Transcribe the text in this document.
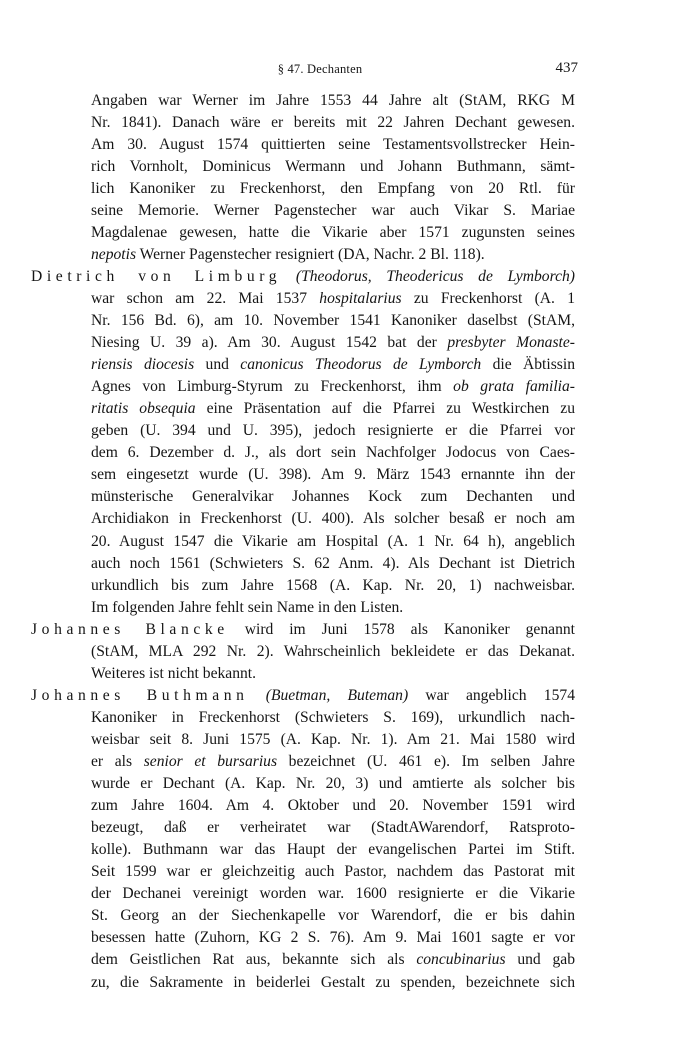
§ 47. Dechanten	437
Angaben war Werner im Jahre 1553 44 Jahre alt (StAM, RKG M
Nr. 1841). Danach wäre er bereits mit 22 Jahren Dechant gewesen.
Am 30. August 1574 quittierten seine Testamentsvollstrecker Hein-
rich Vornholt, Dominicus Wermann und Johann Buthmann, sämt-
lich Kanoniker zu Freckenhorst, den Empfang von 20 Rtl. für
seine Memorie. Werner Pagenstecher war auch Vikar S. Mariae
Magdalenae gewesen, hatte die Vikarie aber 1571 zugunsten seines
nepotis Werner Pagenstecher resigniert (DA, Nachr. 2 Bl. 118).
Dietrich von Limburg (Theodorus, Theodericus de Lymborch)
war schon am 22. Mai 1537 hospitalarius zu Freckenhorst (A. 1
Nr. 156 Bd. 6), am 10. November 1541 Kanoniker daselbst (StAM,
Niesing U. 39 a). Am 30. August 1542 bat der presbyter Monaste-
riensis diocesis und canonicus Theodorus de Lymborch die Äbtissin
Agnes von Limburg-Styrum zu Freckenhorst, ihm ob grata familia-
ritatis obsequia eine Präsentation auf die Pfarrei zu Westkirchen zu
geben (U. 394 und U. 395), jedoch resignierte er die Pfarrei vor
dem 6. Dezember d. J., als dort sein Nachfolger Jodocus von Caes-
sem eingesetzt wurde (U. 398). Am 9. März 1543 ernannte ihn der
münsterische Generalvikar Johannes Kock zum Dechanten und
Archidiakon in Freckenhorst (U. 400). Als solcher besaß er noch am
20. August 1547 die Vikarie am Hospital (A. 1 Nr. 64 h), angeblich
auch noch 1561 (Schwieters S. 62 Anm. 4). Als Dechant ist Dietrich
urkundlich bis zum Jahre 1568 (A. Kap. Nr. 20, 1) nachweisbar.
Im folgenden Jahre fehlt sein Name in den Listen.
Johannes Blancke wird im Juni 1578 als Kanoniker genannt
(StAM, MLA 292 Nr. 2). Wahrscheinlich bekleidete er das Dekanat.
Weiteres ist nicht bekannt.
Johannes Buthmann (Buetman, Buteman) war angeblich 1574
Kanoniker in Freckenhorst (Schwieters S. 169), urkundlich nach-
weisbar seit 8. Juni 1575 (A. Kap. Nr. 1). Am 21. Mai 1580 wird
er als senior et bursarius bezeichnet (U. 461 e). Im selben Jahre
wurde er Dechant (A. Kap. Nr. 20, 3) und amtierte als solcher bis
zum Jahre 1604. Am 4. Oktober und 20. November 1591 wird
bezeugt, daß er verheiratet war (StadtAWarendorf, Ratsproto-
kolle). Buthmann war das Haupt der evangelischen Partei im Stift.
Seit 1599 war er gleichzeitig auch Pastor, nachdem das Pastorat mit
der Dechanei vereinigt worden war. 1600 resignierte er die Vikarie
St. Georg an der Siechenkapelle vor Warendorf, die er bis dahin
besessen hatte (Zuhorn, KG 2 S. 76). Am 9. Mai 1601 sagte er vor
dem Geistlichen Rat aus, bekannte sich als concubinarius und gab
zu, die Sakramente in beiderlei Gestalt zu spenden, bezeichnete sich
